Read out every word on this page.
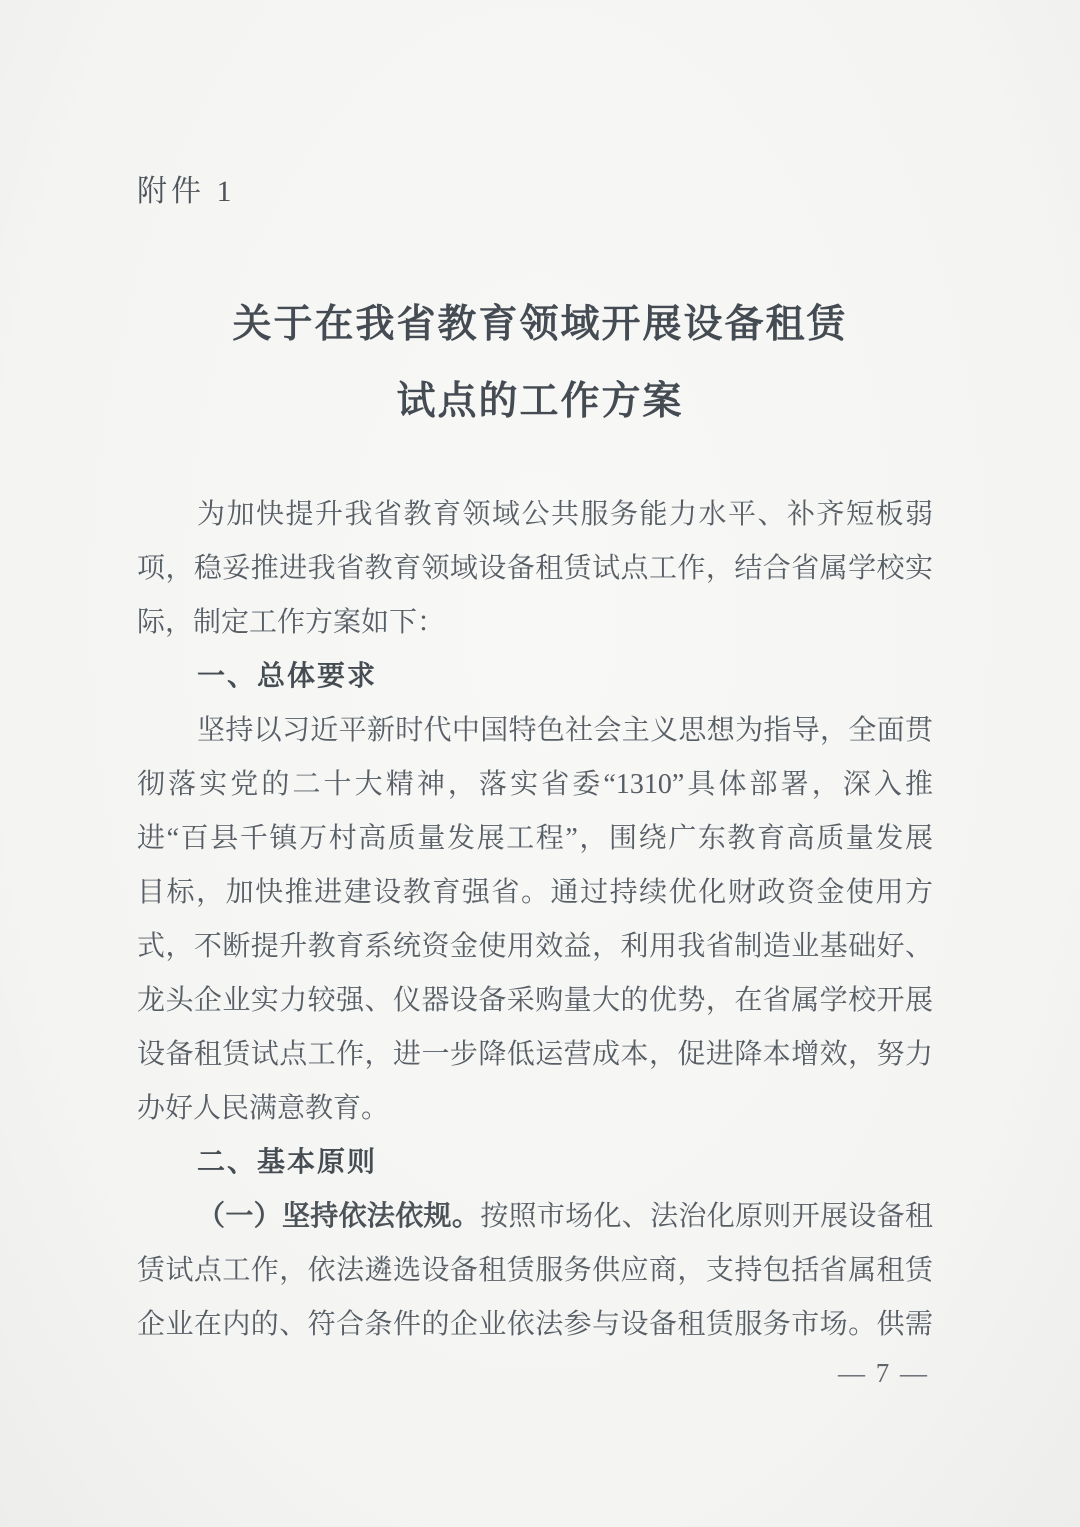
附件 1

关于在我省教育领域开展设备租赁
试点的工作方案
为加快提升我省教育领域公共服务能力水平、补齐短板弱
项，稳妥推进我省教育领域设备租赁试点工作，结合省属学校实
际，制定工作方案如下：
一、总体要求
坚持以习近平新时代中国特色社会主义思想为指导，全面贯
彻落实党的二十大精神，落实省委“1310”具体部署，深入推
进“百县千镇万村高质量发展工程”，围绕广东教育高质量发展
目标，加快推进建设教育强省。通过持续优化财政资金使用方
式，不断提升教育系统资金使用效益，利用我省制造业基础好、
龙头企业实力较强、仪器设备采购量大的优势，在省属学校开展
设备租赁试点工作，进一步降低运营成本，促进降本增效，努力
办好人民满意教育。
二、基本原则
（一）坚持依法依规。按照市场化、法治化原则开展设备租
赁试点工作，依法遴选设备租赁服务供应商，支持包括省属租赁
企业在内的、符合条件的企业依法参与设备租赁服务市场。供需
— 7 —
